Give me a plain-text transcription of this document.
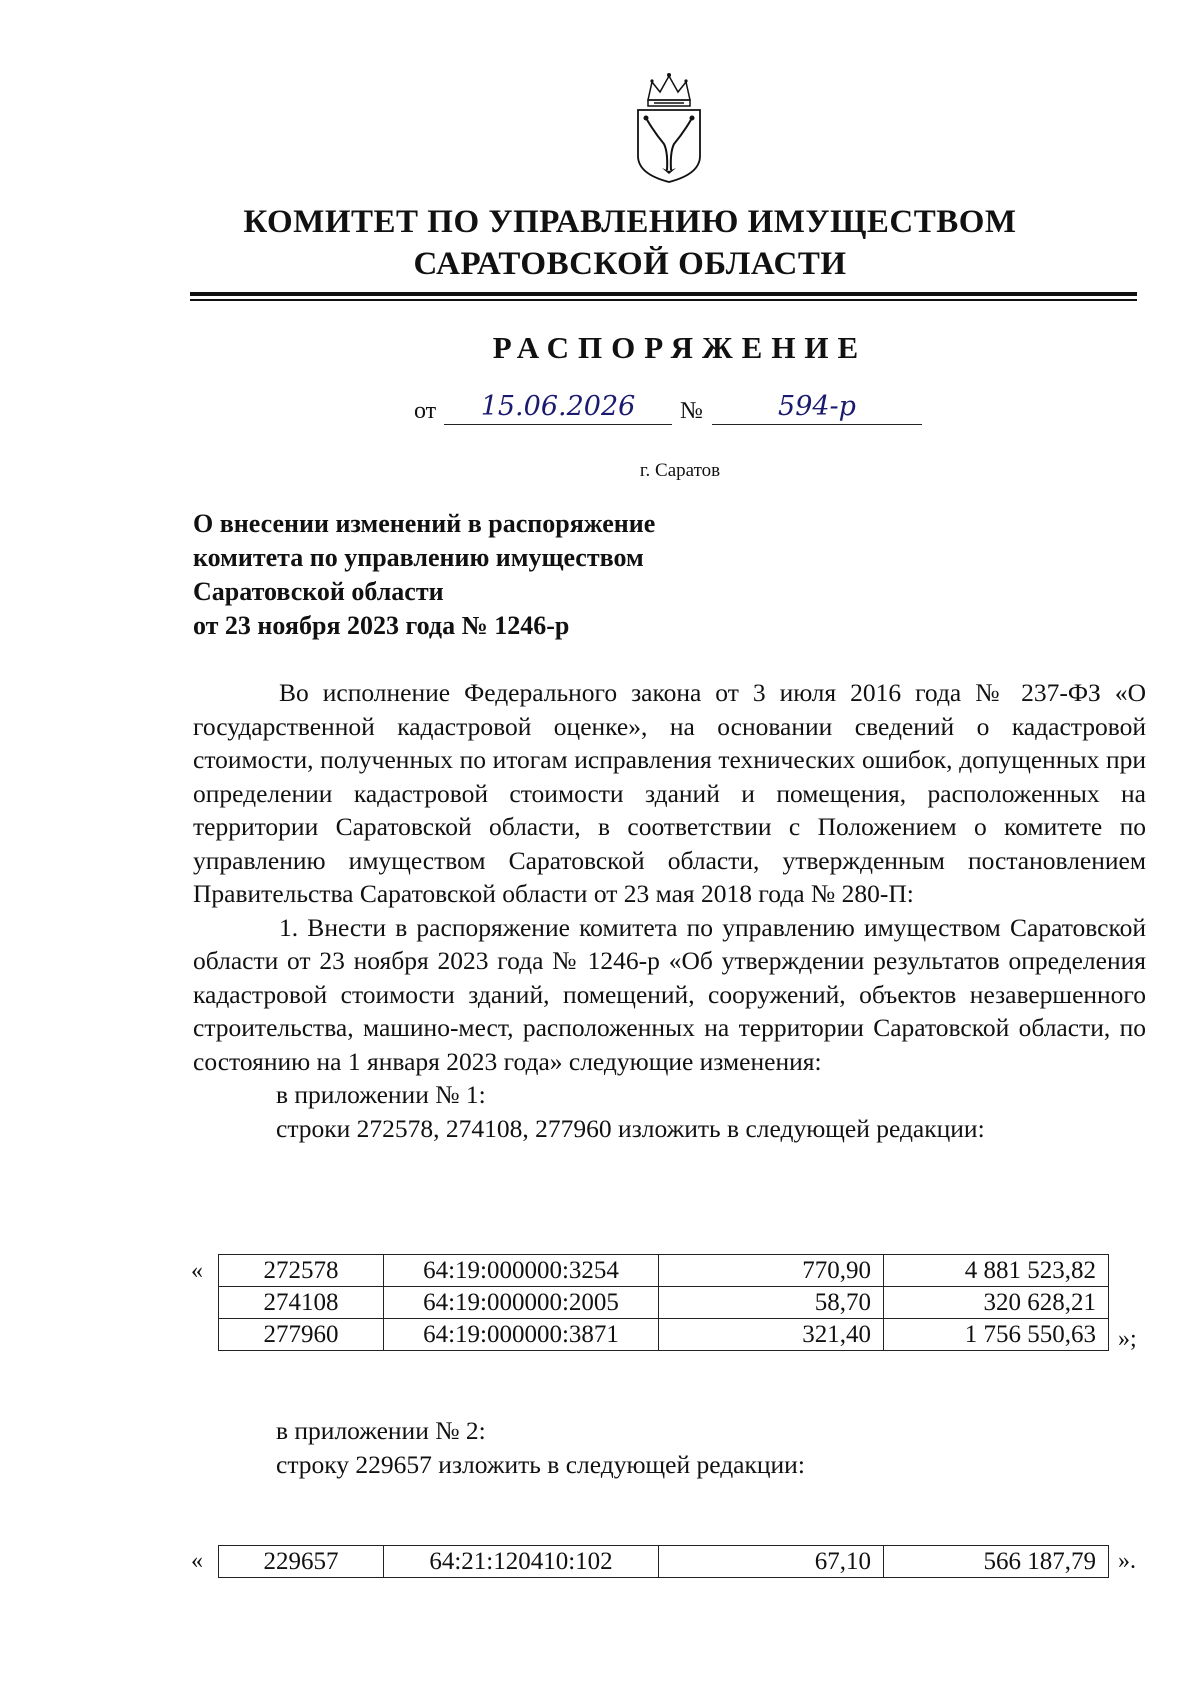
КОМИТЕТ ПО УПРАВЛЕНИЮ ИМУЩЕСТВОМ
САРАТОВСКОЙ ОБЛАСТИ
РАСПОРЯЖЕНИЕ
от	15.06.2026	№	594-р
г. Саратов
О внесении изменений в распоряжение
комитета по управлению имуществом
Саратовской области
от 23 ноября 2023 года № 1246-р

Во исполнение Федерального закона от 3 июля 2016 года № 237-ФЗ «О государственной кадастровой оценке», на основании сведений о кадастровой стоимости, полученных по итогам исправления технических ошибок, допущенных при определении кадастровой стоимости зданий и помещения, расположенных на территории Саратовской области, в соответствии с Положением о комитете по управлению имуществом Саратовской области, утвержденным постановлением Правительства Саратовской области от 23 мая 2018 года № 280-П:

1. Внести в распоряжение комитета по управлению имуществом Саратовской области от 23 ноября 2023 года № 1246-р «Об утверждении результатов определения кадастровой стоимости зданий, помещений, сооружений, объектов незавершенного строительства, машино-мест, расположенных на территории Саратовской области, по состоянию на 1 января 2023 года» следующие изменения:

в приложении № 1:

строки 272578, 274108, 277960 изложить в следующей редакции:

« 272578	64:19:000000:3254	770,90	4 881 523,82
274108	64:19:000000:2005	58,70	320 628,21
277960	64:19:000000:3871	321,40	1 756 550,63 »;

в приложении № 2:

строку 229657 изложить в следующей редакции:

« 229657	64:21:120410:102	67,10	566 187,79 ».
